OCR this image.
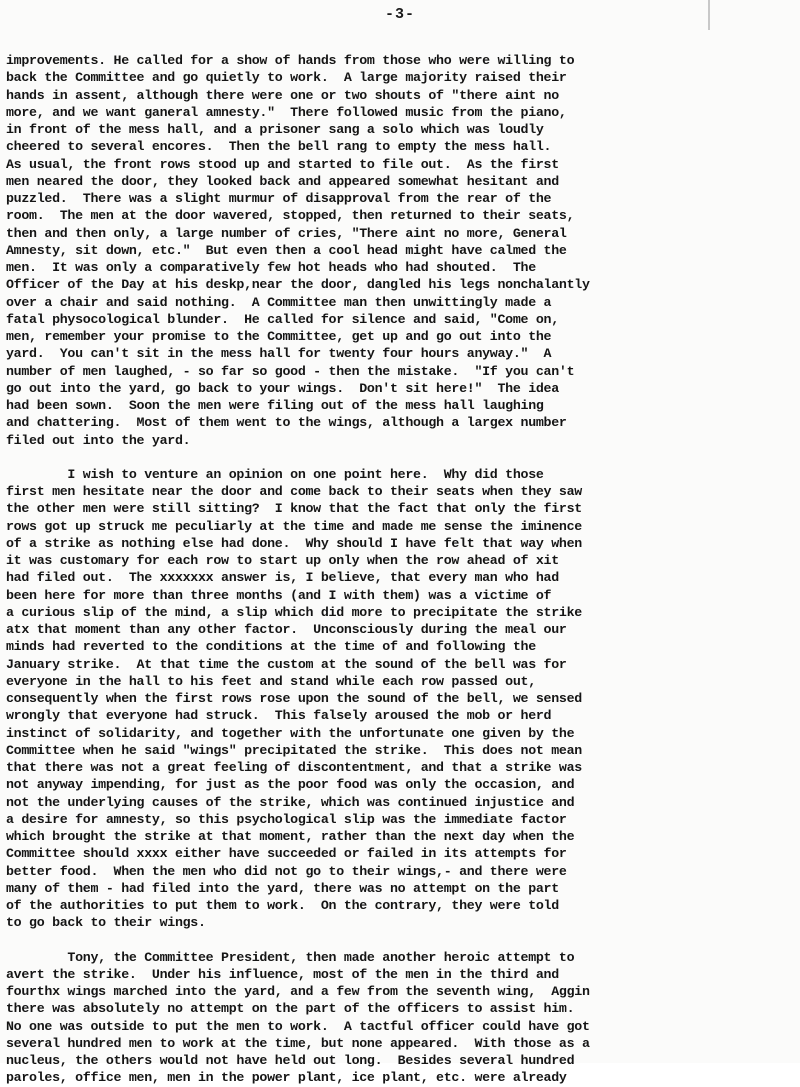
-3-
improvements. He called for a show of hands from those who were willing to
back the Committee and go quietly to work.  A large majority raised their
hands in assent, although there were one or two shouts of "there aint no
more, and we want ganeral amnesty."  There followed music from the piano,
in front of the mess hall, and a prisoner sang a solo which was loudly
cheered to several encores.  Then the bell rang to empty the mess hall.
As usual, the front rows stood up and started to file out.  As the first
men neared the door, they looked back and appeared somewhat hesitant and
puzzled.  There was a slight murmur of disapproval from the rear of the
room.  The men at the door wavered, stopped, then returned to their seats,
then and then only, a large number of cries, "There aint no more, General
Amnesty, sit down, etc."  But even then a cool head might have calmed the
men.  It was only a comparatively few hot heads who had shouted.  The
Officer of the Day at his deskp,near the door, dangled his legs nonchalantly
over a chair and said nothing.  A Committee man then unwittingly made a
fatal physocological blunder.  He called for silence and said, "Come on,
men, remember your promise to the Committee, get up and go out into the
yard.  You can't sit in the mess hall for twenty four hours anyway."  A
number of men laughed, - so far so good - then the mistake.  "If you can't
go out into the yard, go back to your wings.  Don't sit here!"  The idea
had been sown.  Soon the men were filing out of the mess hall laughing
and chattering.  Most of them went to the wings, although a largex number
filed out into the yard.
I wish to venture an opinion on one point here.  Why did those
first men hesitate near the door and come back to their seats when they saw
the other men were still sitting?  I know that the fact that only the first
rows got up struck me peculiarly at the time and made me sense the iminence
of a strike as nothing else had done.  Why should I have felt that way when
it was customary for each row to start up only when the row ahead of xit
had filed out.  The xxxxxxx answer is, I believe, that every man who had
been here for more than three months (and I with them) was a victime of
a curious slip of the mind, a slip which did more to precipitate the strike
atx that moment than any other factor.  Unconsciously during the meal our
minds had reverted to the conditions at the time of and following the
January strike.  At that time the custom at the sound of the bell was for
everyone in the hall to his feet and stand while each row passed out,
consequently when the first rows rose upon the sound of the bell, we sensed
wrongly that everyone had struck.  This falsely aroused the mob or herd
instinct of solidarity, and together with the unfortunate one given by the
Committee when he said "wings" precipitated the strike.  This does not mean
that there was not a great feeling of discontentment, and that a strike was
not anyway impending, for just as the poor food was only the occasion, and
not the underlying causes of the strike, which was continued injustice and
a desire for amnesty, so this psychological slip was the immediate factor
which brought the strike at that moment, rather than the next day when the
Committee should xxxx either have succeeded or failed in its attempts for
better food.  When the men who did not go to their wings,- and there were
many of them - had filed into the yard, there was no attempt on the part
of the authorities to put them to work.  On the contrary, they were told
to go back to their wings.
Tony, the Committee President, then made another heroic attempt to
avert the strike.  Under his influence, most of the men in the third and
fourthx wings marched into the yard, and a few from the seventh wing,  Aggin
there was absolutely no attempt on the part of the officers to assist him.
No one was outside to put the men to work.  A tactful officer could have got
several hundred men to work at the time, but none appeared.  With those as a
nucleus, the others would not have held out long.  Besides several hundred
paroles, office men, men in the power plant, ice plant, etc. were already
